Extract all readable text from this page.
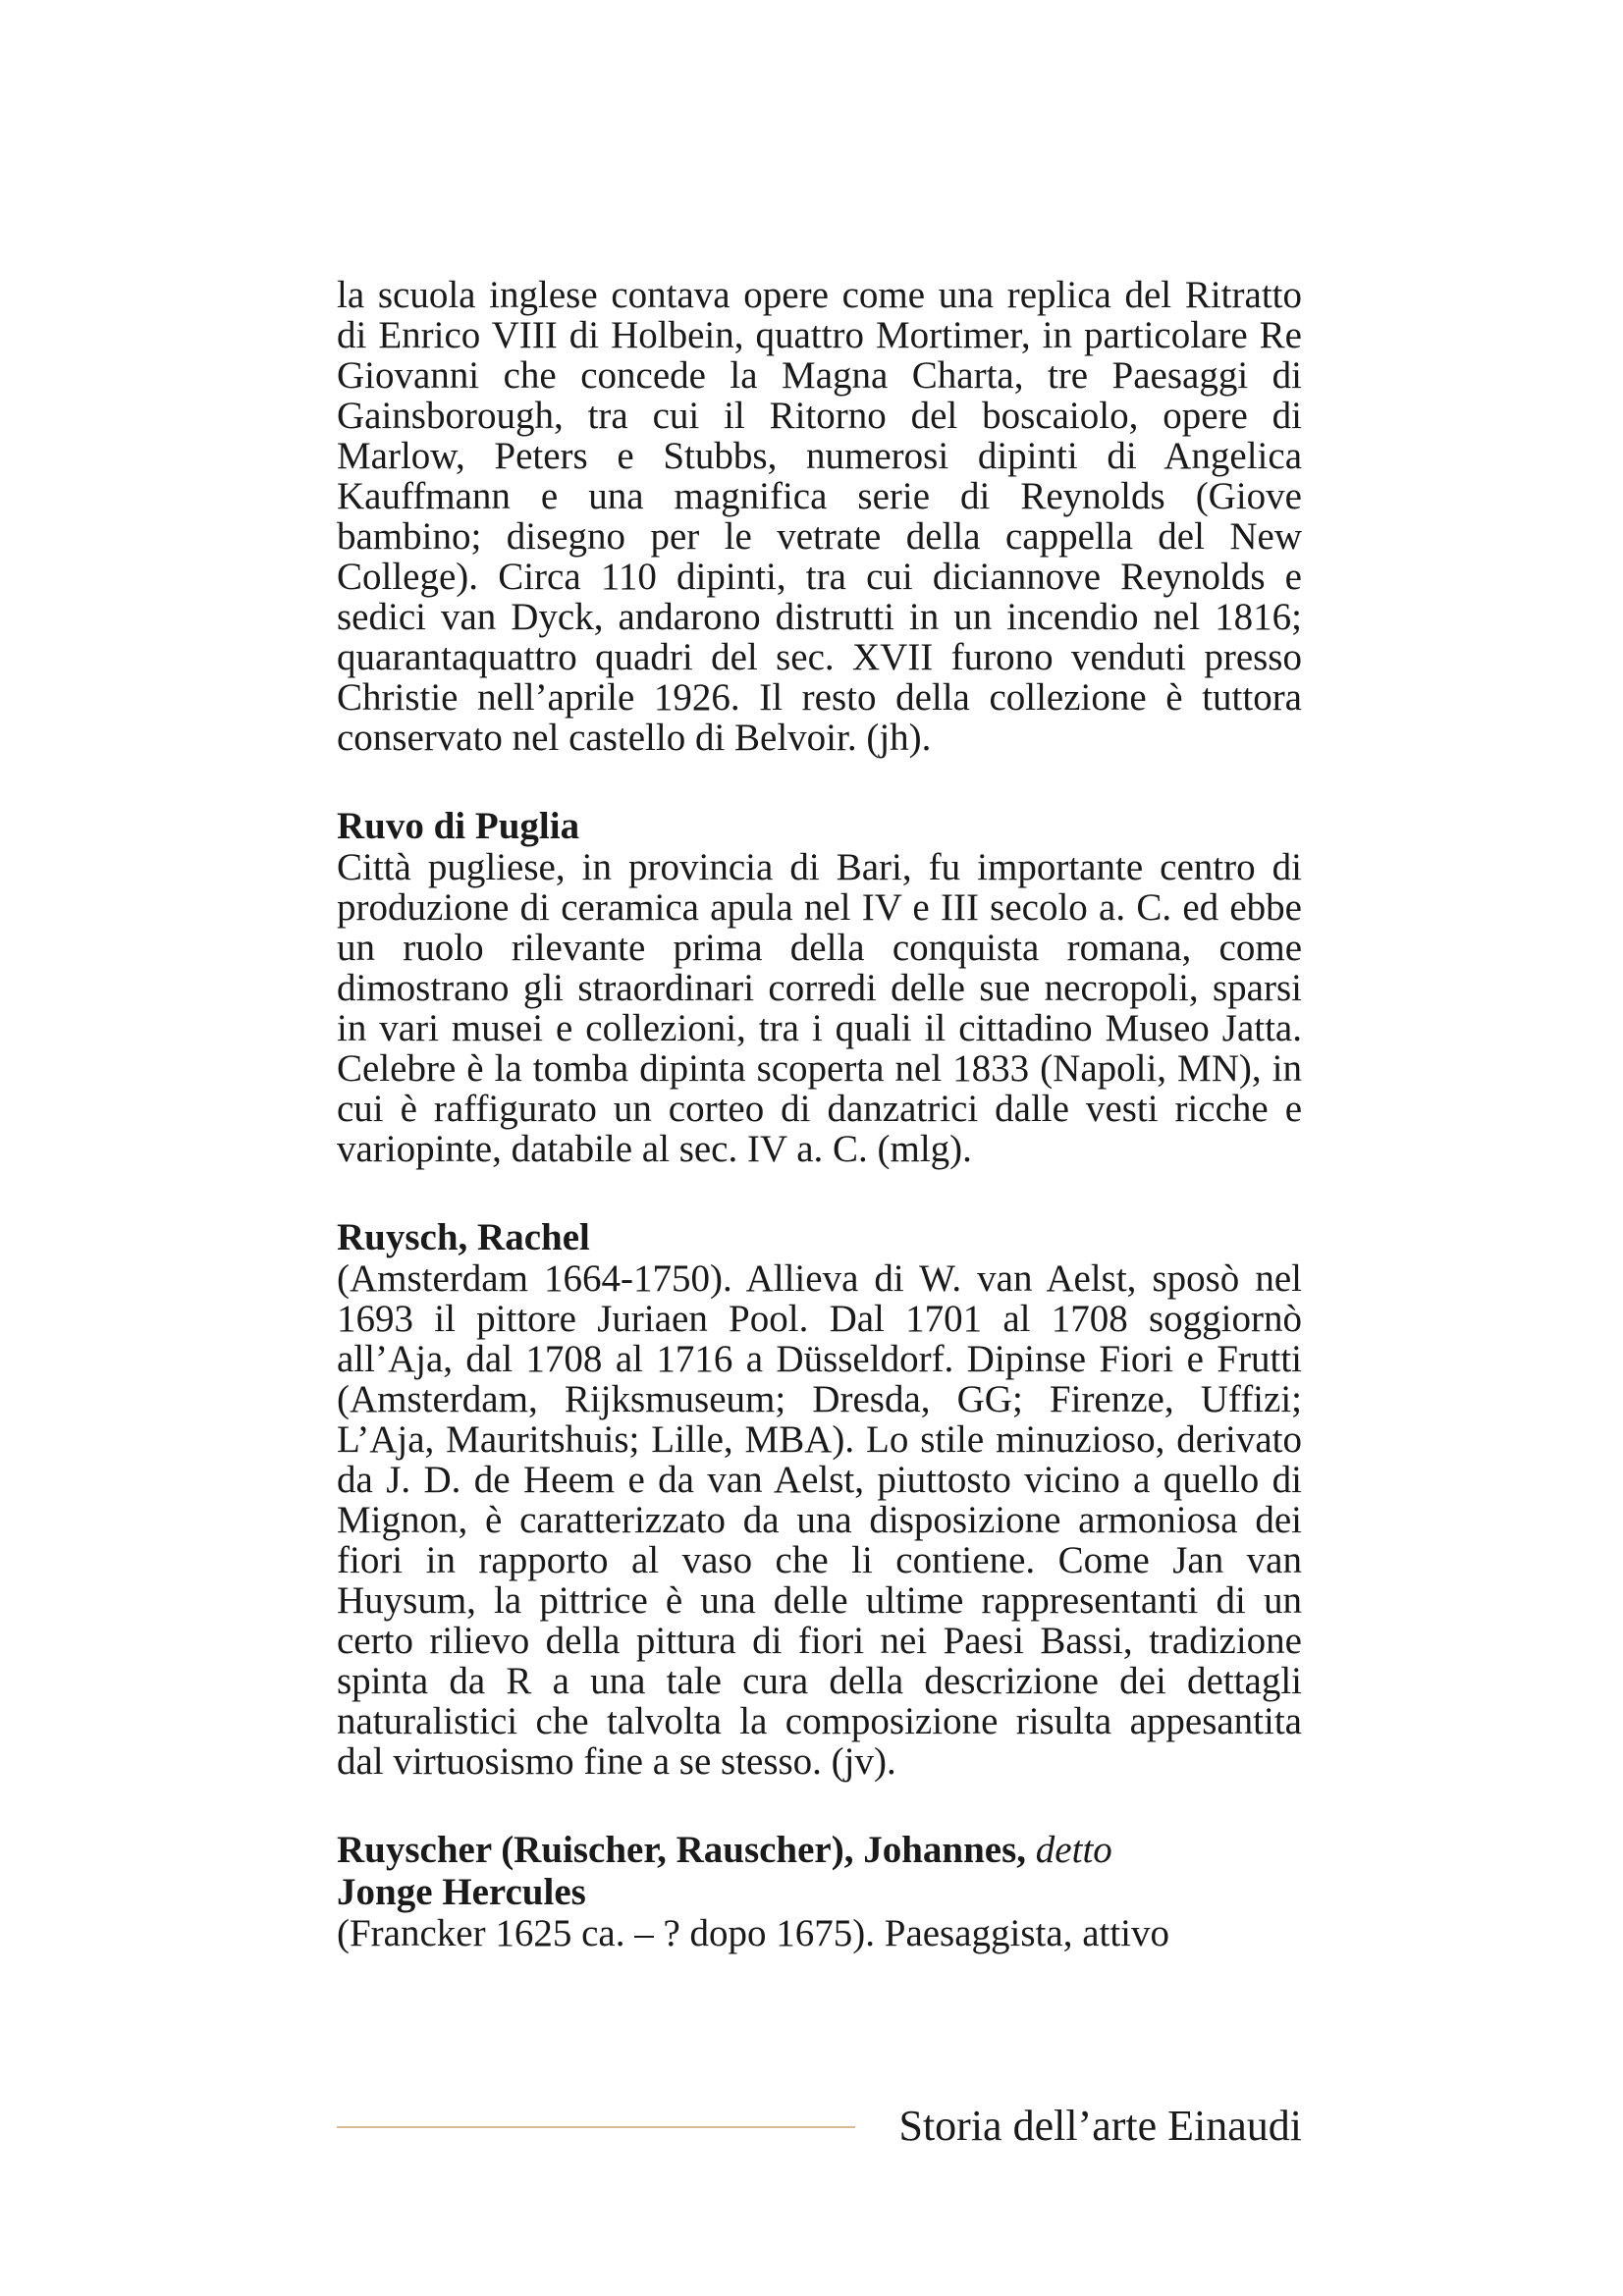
la scuola inglese contava opere come una replica del Ritratto di Enrico VIII di Holbein, quattro Mortimer, in particolare Re Giovanni che concede la Magna Charta, tre Paesaggi di Gainsborough, tra cui il Ritorno del boscaiolo, opere di Marlow, Peters e Stubbs, numerosi dipinti di Angelica Kauffmann e una magnifica serie di Reynolds (Giove bambino; disegno per le vetrate della cappella del New College). Circa 110 dipinti, tra cui diciannove Reynolds e sedici van Dyck, andarono distrutti in un incendio nel 1816; quarantaquattro quadri del sec. XVII furono venduti presso Christie nell’aprile 1926. Il resto della collezione è tuttora conservato nel castello di Belvoir. (jh).

Ruvo di Puglia

Città pugliese, in provincia di Bari, fu importante centro di produzione di ceramica apula nel IV e III secolo a. C. ed ebbe un ruolo rilevante prima della conquista romana, come dimostrano gli straordinari corredi delle sue necropoli, sparsi in vari musei e collezioni, tra i quali il cittadino Museo Jatta. Celebre è la tomba dipinta scoperta nel 1833 (Napoli, MN), in cui è raffigurato un corteo di danzatrici dalle vesti ricche e variopinte, databile al sec. IV a. C. (mlg).

Ruysch, Rachel

(Amsterdam 1664-1750). Allieva di W. van Aelst, sposò nel 1693 il pittore Juriaen Pool. Dal 1701 al 1708 soggiornò all’Aja, dal 1708 al 1716 a Düsseldorf. Dipinse Fiori e Frutti (Amsterdam, Rijksmuseum; Dresda, GG; Firenze, Uffizi; L’Aja, Mauritshuis; Lille, MBA). Lo stile minuzioso, derivato da J. D. de Heem e da van Aelst, piuttosto vicino a quello di Mignon, è caratterizzato da una disposizione armoniosa dei fiori in rapporto al vaso che li contiene. Come Jan van Huysum, la pittrice è una delle ultime rappresentanti di un certo rilievo della pittura di fiori nei Paesi Bassi, tradizione spinta da R a una tale cura della descrizione dei dettagli naturalistici che talvolta la composizione risulta appesantita dal virtuosismo fine a se stesso. (jv).

Ruyscher (Ruischer, Rauscher), Johannes, detto
Jonge Hercules

(Francker 1625 ca. – ? dopo 1675). Paesaggista, attivo

Storia dell’arte Einaudi
